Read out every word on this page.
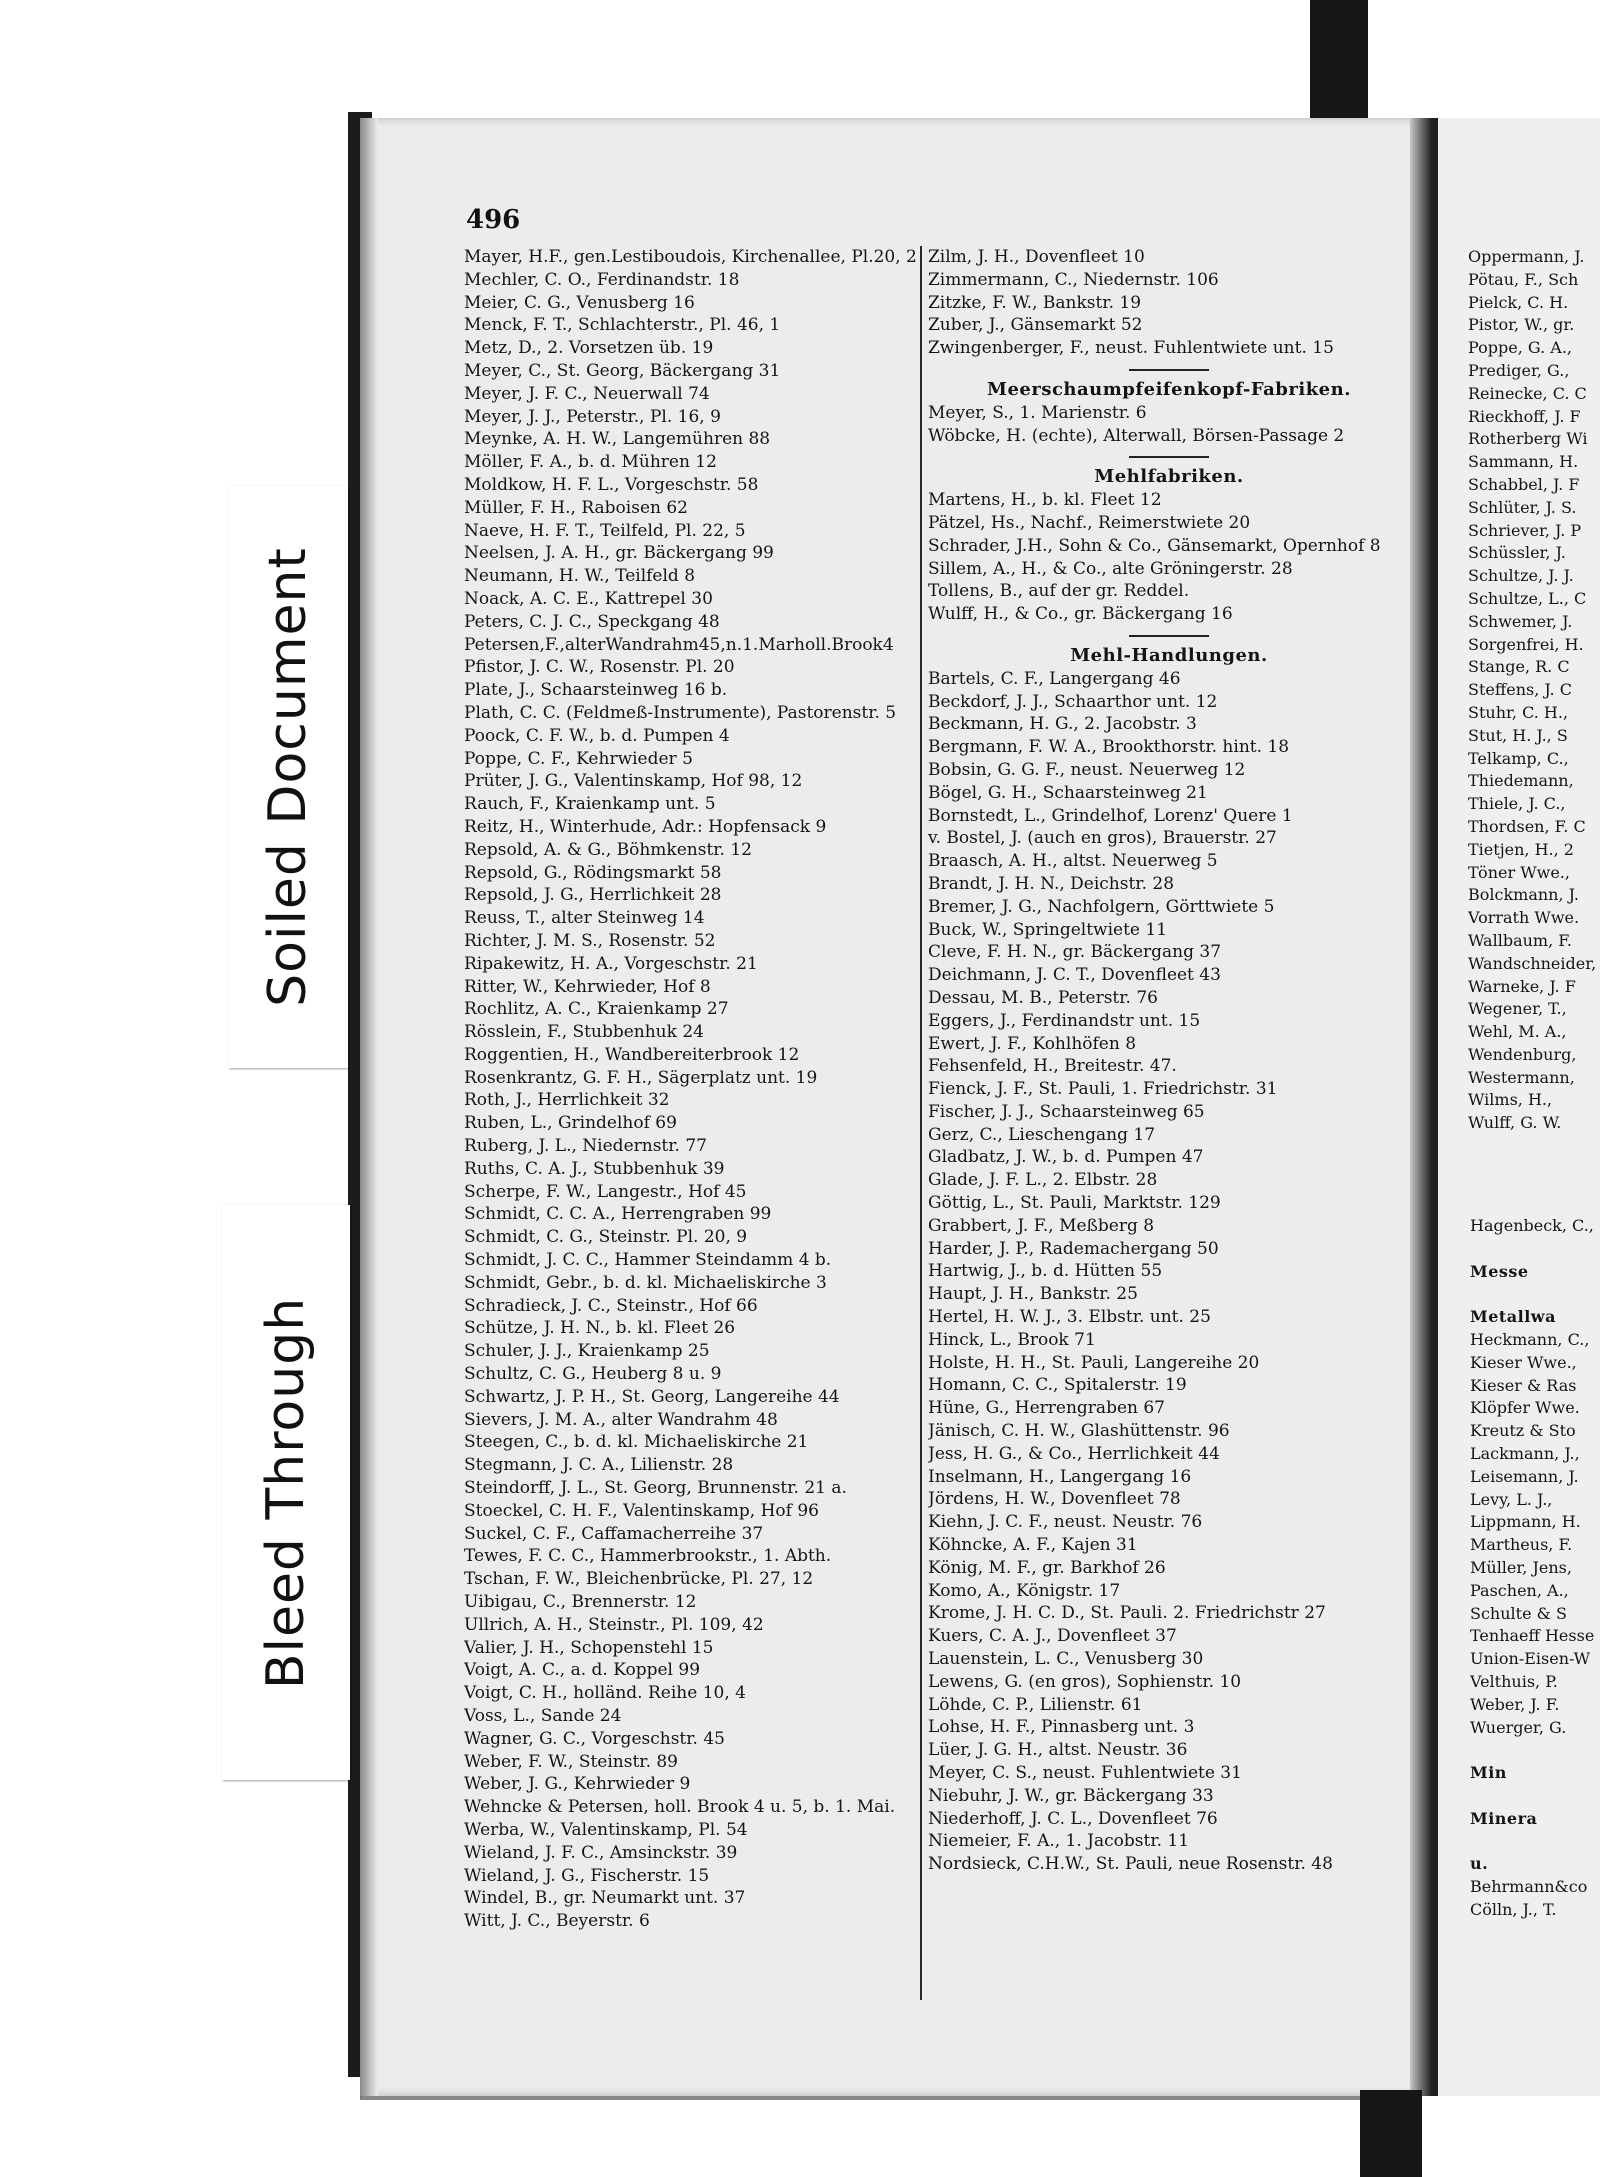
Soiled Document
Bleed Through
496
Mayer, H.F., gen.Lestiboudois, Kirchenallee, Pl.20, 2
Mechler, C. O., Ferdinandstr. 18
Meier, C. G., Venusberg 16
Menck, F. T., Schlachterstr., Pl. 46, 1
Metz, D., 2. Vorsetzen üb. 19
Meyer, C., St. Georg, Bäckergang 31
Meyer, J. F. C., Neuerwall 74
Meyer, J. J., Peterstr., Pl. 16, 9
Meynke, A. H. W., Langemühren 88
Möller, F. A., b. d. Mühren 12
Moldkow, H. F. L., Vorgeschstr. 58
Müller, F. H., Raboisen 62
Naeve, H. F. T., Teilfeld, Pl. 22, 5
Neelsen, J. A. H., gr. Bäckergang 99
Neumann, H. W., Teilfeld 8
Noack, A. C. E., Kattrepel 30
Peters, C. J. C., Speckgang 48
Petersen,F.,alterWandrahm45,n.1.Marholl.Brook4
Pfistor, J. C. W., Rosenstr. Pl. 20
Plate, J., Schaarsteinweg 16 b.
Plath, C. C. (Feldmeß-Instrumente), Pastorenstr. 5
Poock, C. F. W., b. d. Pumpen 4
Poppe, C. F., Kehrwieder 5
Prüter, J. G., Valentinskamp, Hof 98, 12
Rauch, F., Kraienkamp unt. 5
Reitz, H., Winterhude, Adr.: Hopfensack 9
Repsold, A. & G., Böhmkenstr. 12
Repsold, G., Rödingsmarkt 58
Repsold, J. G., Herrlichkeit 28
Reuss, T., alter Steinweg 14
Richter, J. M. S., Rosenstr. 52
Ripakewitz, H. A., Vorgeschstr. 21
Ritter, W., Kehrwieder, Hof 8
Rochlitz, A. C., Kraienkamp 27
Rösslein, F., Stubbenhuk 24
Roggentien, H., Wandbereiterbrook 12
Rosenkrantz, G. F. H., Sägerplatz unt. 19
Roth, J., Herrlichkeit 32
Ruben, L., Grindelhof 69
Ruberg, J. L., Niedernstr. 77
Ruths, C. A. J., Stubbenhuk 39
Scherpe, F. W., Langestr., Hof 45
Schmidt, C. C. A., Herrengraben 99
Schmidt, C. G., Steinstr. Pl. 20, 9
Schmidt, J. C. C., Hammer Steindamm 4 b.
Schmidt, Gebr., b. d. kl. Michaeliskirche 3
Schradieck, J. C., Steinstr., Hof 66
Schütze, J. H. N., b. kl. Fleet 26
Schuler, J. J., Kraienkamp 25
Schultz, C. G., Heuberg 8 u. 9
Schwartz, J. P. H., St. Georg, Langereihe 44
Sievers, J. M. A., alter Wandrahm 48
Steegen, C., b. d. kl. Michaeliskirche 21
Stegmann, J. C. A., Lilienstr. 28
Steindorff, J. L., St. Georg, Brunnenstr. 21 a.
Stoeckel, C. H. F., Valentinskamp, Hof 96
Suckel, C. F., Caffamacherreihe 37
Tewes, F. C. C., Hammerbrookstr., 1. Abth.
Tschan, F. W., Bleichenbrücke, Pl. 27, 12
Uibigau, C., Brennerstr. 12
Ullrich, A. H., Steinstr., Pl. 109, 42
Valier, J. H., Schopenstehl 15
Voigt, A. C., a. d. Koppel 99
Voigt, C. H., holländ. Reihe 10, 4
Voss, L., Sande 24
Wagner, G. C., Vorgeschstr. 45
Weber, F. W., Steinstr. 89
Weber, J. G., Kehrwieder 9
Wehncke & Petersen, holl. Brook 4 u. 5, b. 1. Mai.
Werba, W., Valentinskamp, Pl. 54
Wieland, J. F. C., Amsinckstr. 39
Wieland, J. G., Fischerstr. 15
Windel, B., gr. Neumarkt unt. 37
Witt, J. C., Beyerstr. 6
Zilm, J. H., Dovenfleet 10
Zimmermann, C., Niedernstr. 106
Zitzke, F. W., Bankstr. 19
Zuber, J., Gänsemarkt 52
Zwingenberger, F., neust. Fuhlentwiete unt. 15
Meerschaumpfeifenkopf-Fabriken.
Meyer, S., 1. Marienstr. 6
Wöbcke, H. (echte), Alterwall, Börsen-Passage 2
Mehlfabriken.
Martens, H., b. kl. Fleet 12
Pätzel, Hs., Nachf., Reimerstwiete 20
Schrader, J.H., Sohn & Co., Gänsemarkt, Opernhof 8
Sillem, A., H., & Co., alte Gröningerstr. 28
Tollens, B., auf der gr. Reddel.
Wulff, H., & Co., gr. Bäckergang 16
Mehl-Handlungen.
Bartels, C. F., Langergang 46
Beckdorf, J. J., Schaarthor unt. 12
Beckmann, H. G., 2. Jacobstr. 3
Bergmann, F. W. A., Brookthorstr. hint. 18
Bobsin, G. G. F., neust. Neuerweg 12
Bögel, G. H., Schaarsteinweg 21
Bornstedt, L., Grindelhof, Lorenz' Quere 1
v. Bostel, J. (auch en gros), Brauerstr. 27
Braasch, A. H., altst. Neuerweg 5
Brandt, J. H. N., Deichstr. 28
Bremer, J. G., Nachfolgern, Görttwiete 5
Buck, W., Springeltwiete 11
Cleve, F. H. N., gr. Bäckergang 37
Deichmann, J. C. T., Dovenfleet 43
Dessau, M. B., Peterstr. 76
Eggers, J., Ferdinandstr unt. 15
Ewert, J. F., Kohlhöfen 8
Fehsenfeld, H., Breitestr. 47.
Fienck, J. F., St. Pauli, 1. Friedrichstr. 31
Fischer, J. J., Schaarsteinweg 65
Gerz, C., Lieschengang 17
Gladbatz, J. W., b. d. Pumpen 47
Glade, J. F. L., 2. Elbstr. 28
Göttig, L., St. Pauli, Marktstr. 129
Grabbert, J. F., Meßberg 8
Harder, J. P., Rademachergang 50
Hartwig, J., b. d. Hütten 55
Haupt, J. H., Bankstr. 25
Hertel, H. W. J., 3. Elbstr. unt. 25
Hinck, L., Brook 71
Holste, H. H., St. Pauli, Langereihe 20
Homann, C. C., Spitalerstr. 19
Hüne, G., Herrengraben 67
Jänisch, C. H. W., Glashüttenstr. 96
Jess, H. G., & Co., Herrlichkeit 44
Inselmann, H., Langergang 16
Jördens, H. W., Dovenfleet 78
Kiehn, J. C. F., neust. Neustr. 76
Köhncke, A. F., Kajen 31
König, M. F., gr. Barkhof 26
Komo, A., Königstr. 17
Krome, J. H. C. D., St. Pauli. 2. Friedrichstr 27
Kuers, C. A. J., Dovenfleet 37
Lauenstein, L. C., Venusberg 30
Lewens, G. (en gros), Sophienstr. 10
Löhde, C. P., Lilienstr. 61
Lohse, H. F., Pinnasberg unt. 3
Lüer, J. G. H., altst. Neustr. 36
Meyer, C. S., neust. Fuhlentwiete 31
Niebuhr, J. W., gr. Bäckergang 33
Niederhoff, J. C. L., Dovenfleet 76
Niemeier, F. A., 1. Jacobstr. 11
Nordsieck, C.H.W., St. Pauli, neue Rosenstr. 48
Oppermann, J.
Pötau, F., Sch
Pielck, C. H.
Pistor, W., gr.
Poppe, G. A.,
Prediger, G.,
Reinecke, C. C
Rieckhoff, J. F
Rotherberg Wi
Sammann, H.
Schabbel, J. F
Schlüter, J. S.
Schriever, J. P
Schüssler, J.
Schultze, J. J.
Schultze, L., C
Schwemer, J.
Sorgenfrei, H.
Stange, R. C
Steffens, J. C
Stuhr, C. H.,
Stut, H. J., S
Telkamp, C.,
Thiedemann,
Thiele, J. C.,
Thordsen, F. C
Tietjen, H., 2
Töner Wwe.,
Bolckmann, J.
Vorrath Wwe.
Wallbaum, F.
Wandschneider,
Warneke, J. F
Wegener, T.,
Wehl, M. A.,
Wendenburg,
Westermann,
Wilms, H.,
Wulff, G. W.
Hagenbeck, C.,
Messe
Metallwa
Heckmann, C.,
Kieser Wwe.,
Kieser & Ras
Klöpfer Wwe.
Kreutz & Sto
Lackmann, J.,
Leisemann, J.
Levy, L. J.,
Lippmann, H.
Martheus, F.
Müller, Jens,
Paschen, A.,
Schulte & S
Tenhaeff Hesse
Union-Eisen-W
Velthuis, P.
Weber, J. F.
Wuerger, G.
Min
Minera
u.
Behrmann&co
Cölln, J., T.
